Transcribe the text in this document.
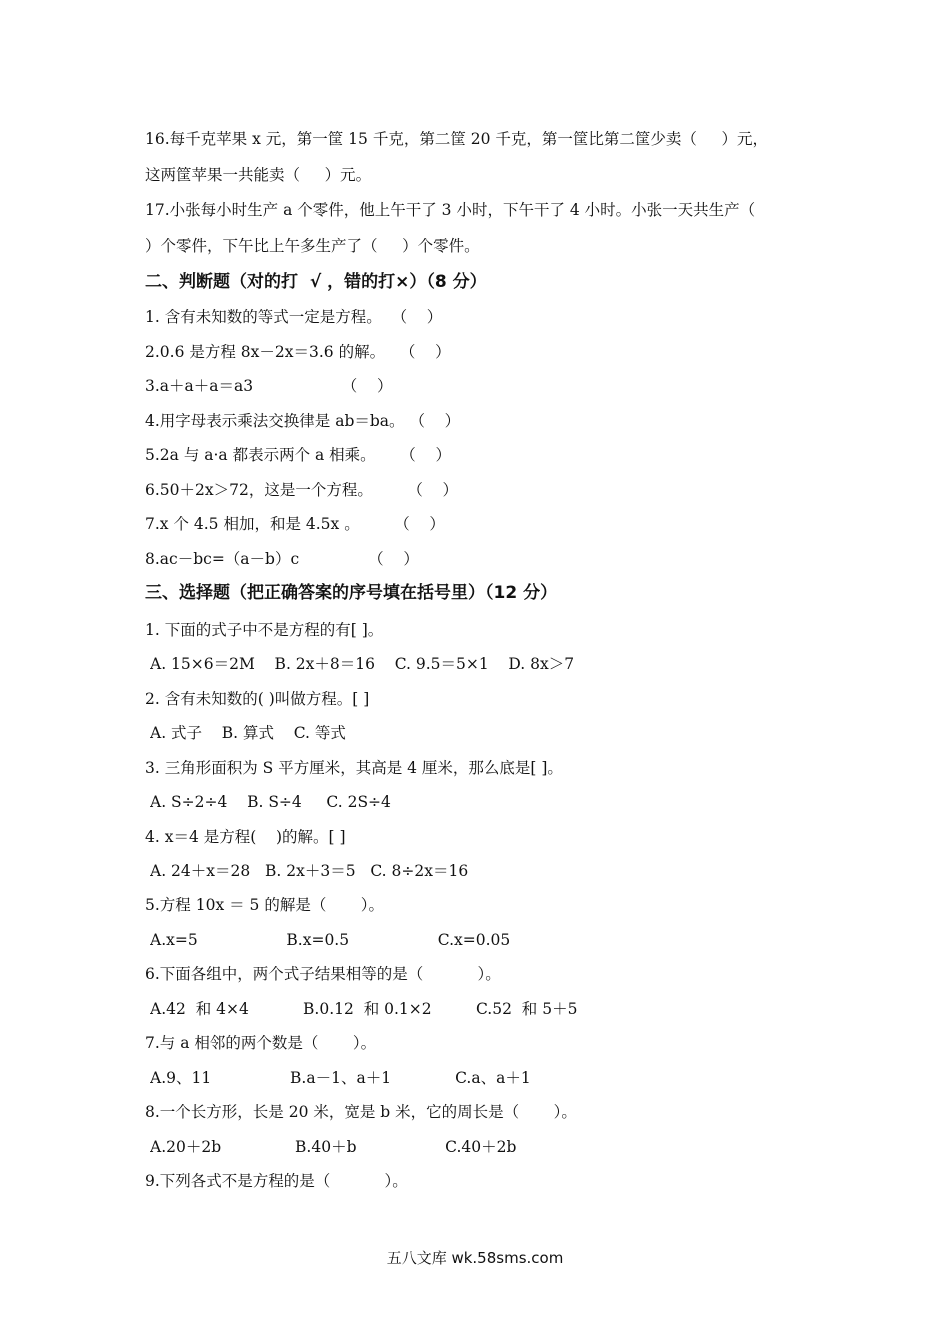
16.每千克苹果 x 元，第一筐 15 千克，第二筐 20 千克，第一筐比第二筐少卖（     ）元，
这两筐苹果一共能卖（     ）元。
17.小张每小时生产 a 个零件，他上午干了 3 小时，下午干了 4 小时。小张一天共生产（
）个零件，下午比上午多生产了（     ）个零件。
二、判断题（对的打  √ ，错的打×）（8 分）
1. 含有未知数的等式一定是方程。  （    ）
2.0.6 是方程 8x－2x＝3.6 的解。   （    ）
3.a＋a＋a＝a3                  （    ）
4.用字母表示乘法交换律是 ab＝ba。 （    ）
5.2a 与 a·a 都表示两个 a 相乘。     （    ）
6.50＋2x＞72，这是一个方程。       （    ）
7.x 个 4.5 相加，和是 4.5x 。       （    ）
8.ac－bc=（a－b）c              （    ）
三、选择题（把正确答案的序号填在括号里）（12 分）
1. 下面的式子中不是方程的有[ ]。
A. 15×6＝2M    B. 2x＋8＝16    C. 9.5＝5×1    D. 8x＞7
2. 含有未知数的( )叫做方程。[ ]
A. 式子    B. 算式    C. 等式
3. 三角形面积为 S 平方厘米，其高是 4 厘米，那么底是[ ]。
A. S÷2÷4    B. S÷4     C. 2S÷4
4. x＝4 是方程(    )的解。[ ]
A. 24＋x＝28   B. 2x＋3＝5   C. 8÷2x＝16
5.方程 10x ＝ 5 的解是（       ）。
A.x=5                  B.x=0.5                  C.x=0.05
6.下面各组中，两个式子结果相等的是（           ）。
A.42  和 4×4           B.0.12  和 0.1×2         C.52  和 5＋5
7.与 a 相邻的两个数是（       ）。
A.9、11                B.a－1、a＋1             C.a、a＋1
8.一个长方形，长是 20 米，宽是 b 米，它的周长是（       ）。
A.20＋2b               B.40＋b                  C.40＋2b
9.下列各式不是方程的是（           ）。
五八文库 wk.58sms.com
